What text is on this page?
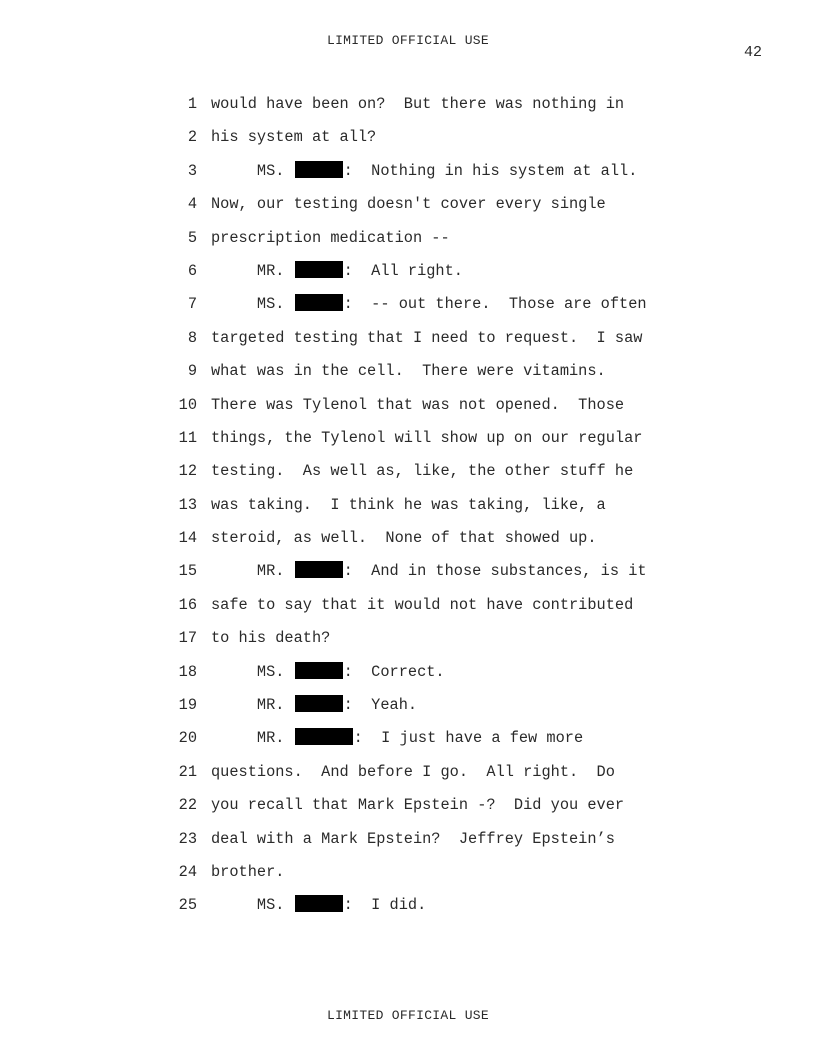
LIMITED OFFICIAL USE
42
1 would have been on?  But there was nothing in
2 his system at all?
3	MS.	:  Nothing in his system at all.
4 Now, our testing doesn't cover every single
5 prescription medication --
6	MR.	:  All right.
7	MS.	:  -- out there.  Those are often
8 targeted testing that I need to request.  I saw
9 what was in the cell.  There were vitamins.
10 There was Tylenol that was not opened.  Those
11 things, the Tylenol will show up on our regular
12 testing.  As well as, like, the other stuff he
13 was taking.  I think he was taking, like, a
14 steroid, as well.  None of that showed up.
15	MR.	:  And in those substances, is it
16 safe to say that it would not have contributed
17 to his death?
18	MS.	:  Correct.
19	MR.	:  Yeah.
20	MR.	:  I just have a few more
21 questions.  And before I go.  All right.  Do
22 you recall that Mark Epstein -?  Did you ever
23 deal with a Mark Epstein?  Jeffrey Epstein’s
24 brother.
25	MS.	:  I did.
LIMITED OFFICIAL USE
